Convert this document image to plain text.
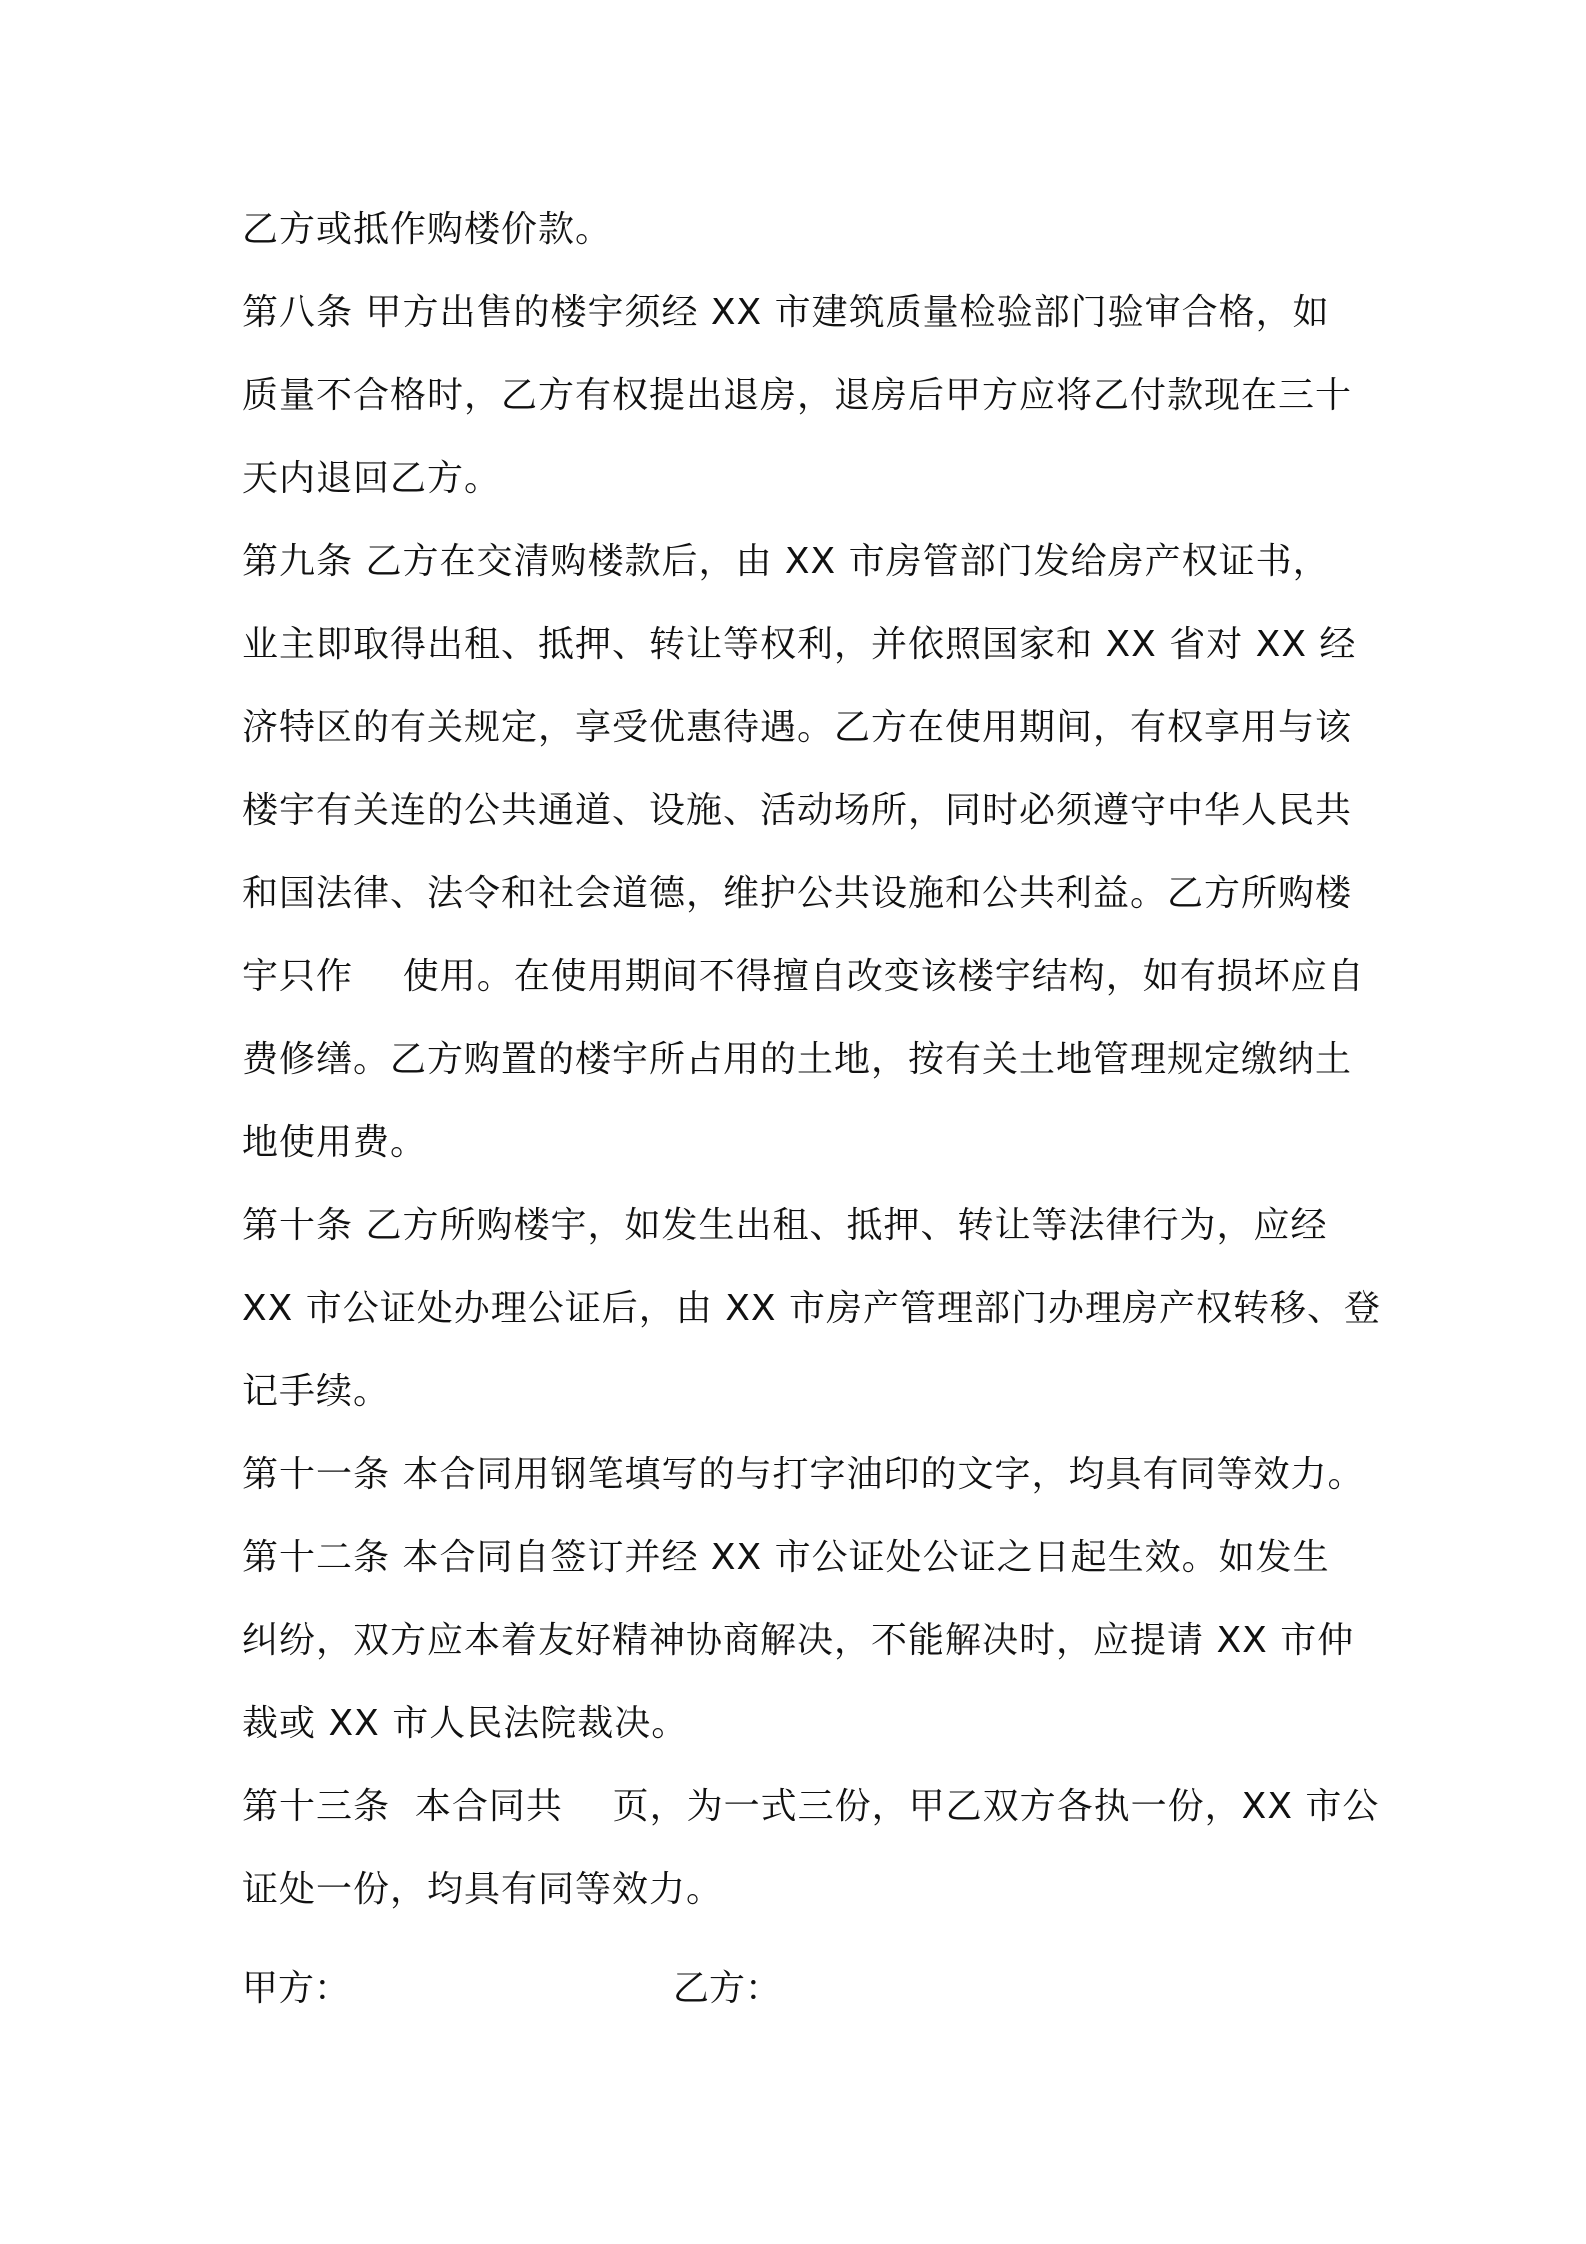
乙方或抵作购楼价款。
第八条 甲方出售的楼宇须经 XX 市建筑质量检验部门验审合格，如
质量不合格时，乙方有权提出退房，退房后甲方应将乙付款现在三十
天内退回乙方。
第九条 乙方在交清购楼款后，由 XX 市房管部门发给房产权证书，
业主即取得出租、抵押、转让等权利，并依照国家和 XX 省对 XX 经
济特区的有关规定，享受优惠待遇。乙方在使用期间，有权享用与该
楼宇有关连的公共通道、设施、活动场所，同时必须遵守中华人民共
和国法律、法令和社会道德，维护公共设施和公共利益。乙方所购楼
宇只作    使用。在使用期间不得擅自改变该楼宇结构，如有损坏应自
费修缮。乙方购置的楼宇所占用的土地，按有关土地管理规定缴纳土
地使用费。
第十条 乙方所购楼宇，如发生出租、抵押、转让等法律行为，应经
XX 市公证处办理公证后，由 XX 市房产管理部门办理房产权转移、登
记手续。
第十一条 本合同用钢笔填写的与打字油印的文字，均具有同等效力。
第十二条 本合同自签订并经 XX 市公证处公证之日起生效。如发生
纠纷，双方应本着友好精神协商解决，不能解决时，应提请 XX 市仲
裁或 XX 市人民法院裁决。
第十三条  本合同共    页，为一式三份，甲乙双方各执一份，XX 市公
证处一份，均具有同等效力。
甲方：	乙方：
